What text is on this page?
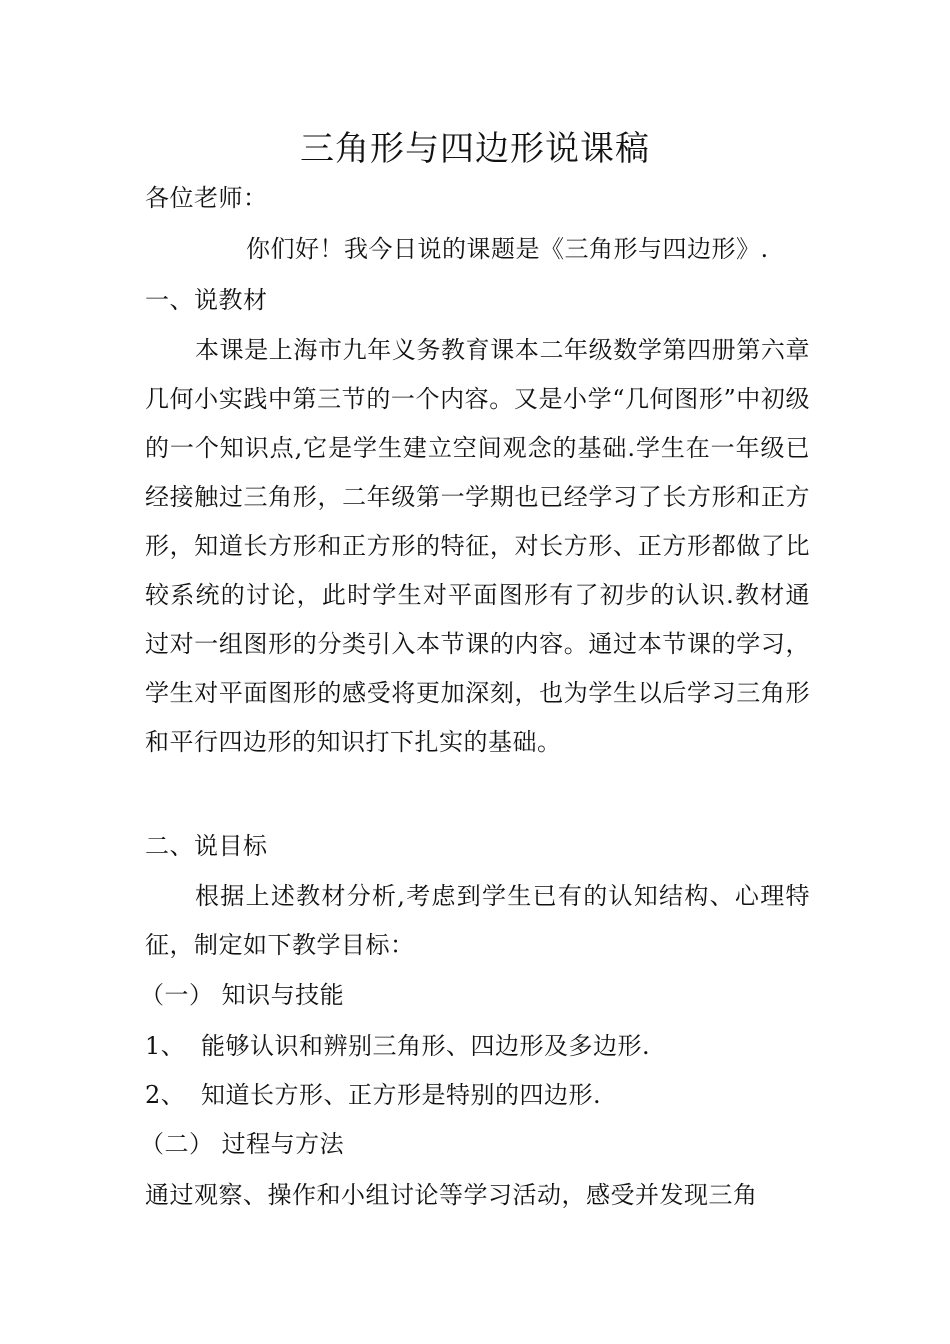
三角形与四边形说课稿
各位老师：
你们好！我今日说的课题是《三角形与四边形》.
一、说教材
本课是上海市九年义务教育课本二年级数学第四册第六章几何小实践中第三节的一个内容。又是小学“几何图形”中初级的一个知识点,它是学生建立空间观念的基础.学生在一年级已经接触过三角形，二年级第一学期也已经学习了长方形和正方形，知道长方形和正方形的特征，对长方形、正方形都做了比较系统的讨论，此时学生对平面图形有了初步的认识.教材通过对一组图形的分类引入本节课的内容。通过本节课的学习，学生对平面图形的感受将更加深刻，也为学生以后学习三角形和平行四边形的知识打下扎实的基础。
二、说目标
根据上述教材分析,考虑到学生已有的认知结构、心理特征，制定如下教学目标：
（一） 知识与技能
1、 能够认识和辨别三角形、四边形及多边形.
2、 知道长方形、正方形是特别的四边形.
（二） 过程与方法
通过观察、操作和小组讨论等学习活动，感受并发现三角
